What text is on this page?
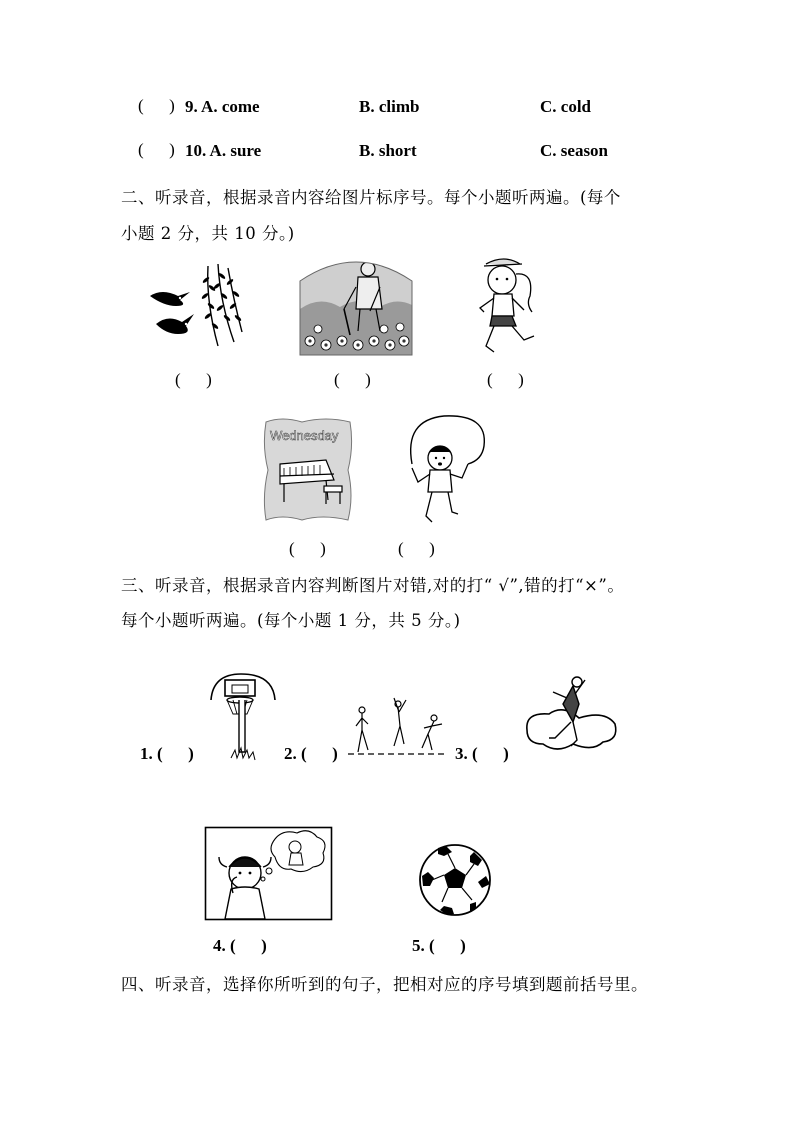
(      ) 9. A. come	B. climb	C. cold
(      ) 10. A. sure	B. short	C. season
二、听录音，根据录音内容给图片标序号。每个小题听两遍。(每个
小题 2 分，共 10 分。)
(      )	(      )	(      )
Wednesday
(      )	(      )
三、听录音，根据录音内容判断图片对错,对的打“ √”,错的打“×”。
每个小题听两遍。(每个小题 1 分，共 5 分。)
1. (      )	2. (      )	3. (      )
4. (      )	5. (      )
四、听录音，选择你所听到的句子，把相对应的序号填到题前括号里。
